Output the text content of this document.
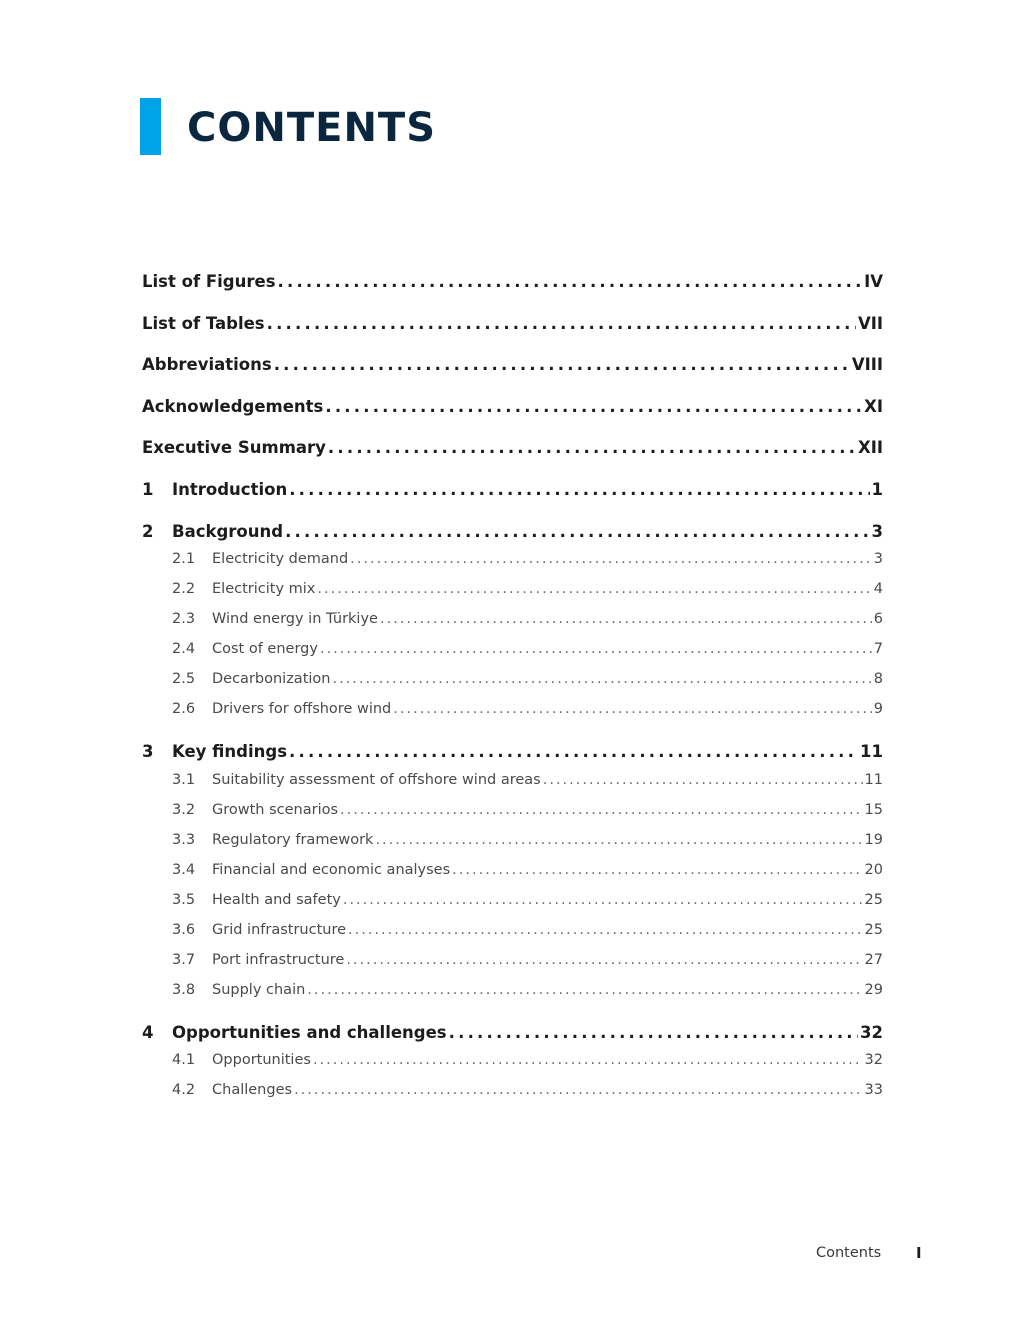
CONTENTS
List of Figures .....	IV
List of Tables .....	VII
Abbreviations .....	VIII
Acknowledgements .....	XI
Executive Summary .....	XII
1	Introduction .....	1
2	Background .....	3
2.1	Electricity demand .....	3
2.2	Electricity mix .....	4
2.3	Wind energy in Türkiye .....	6
2.4	Cost of energy .....	7
2.5	Decarbonization .....	8
2.6	Drivers for offshore wind .....	9
3	Key findings .....	11
3.1	Suitability assessment of offshore wind areas .....	11
3.2	Growth scenarios .....	15
3.3	Regulatory framework .....	19
3.4	Financial and economic analyses .....	20
3.5	Health and safety .....	25
3.6	Grid infrastructure .....	25
3.7	Port infrastructure .....	27
3.8	Supply chain .....	29
4	Opportunities and challenges .....	32
4.1	Opportunities .....	32
4.2	Challenges .....	33
Contents I
